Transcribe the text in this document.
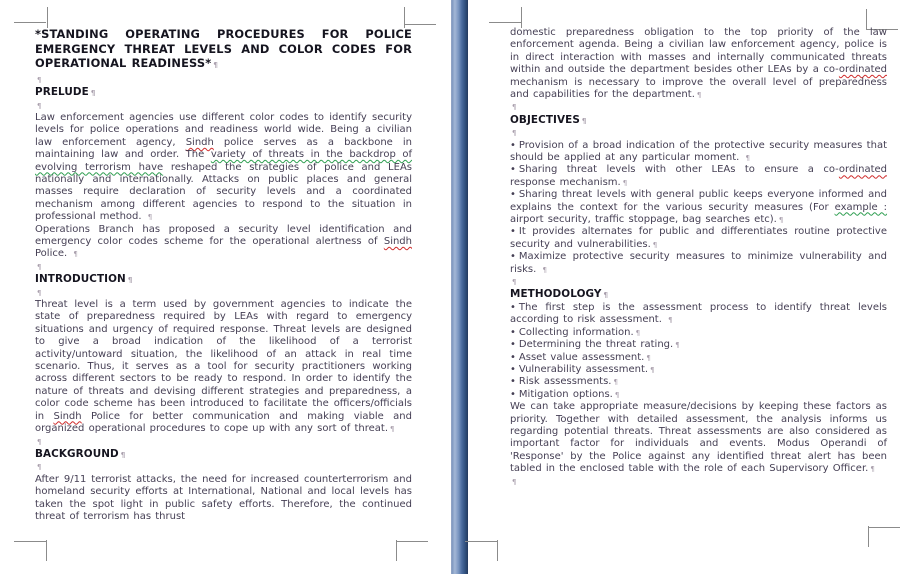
*STANDING OPERATING PROCEDURES FOR POLICE EMERGENCY THREAT LEVELS AND COLOR CODES FOR OPERATIONAL READINESS* ¶
¶
PRELUDE ¶
¶
Law enforcement agencies use different color codes to identify security levels for police operations and readiness world wide. Being a civilian law enforcement agency, Sindh police serves as a backbone in maintaining law and order. The variety of threats in the backdrop of evolving terrorism have reshaped the strategies of police and LEAs nationally and internationally. Attacks on public places and general masses require declaration of security levels and a coordinated mechanism among different agencies to respond to the situation in professional method. ¶
Operations Branch has proposed a security level identification and emergency color codes scheme for the operational alertness of Sindh Police. ¶
¶
INTRODUCTION ¶
¶
Threat level is a term used by government agencies to indicate the state of preparedness required by LEAs with regard to emergency situations and urgency of required response. Threat levels are designed to give a broad indication of the likelihood of a terrorist activity/untoward situation, the likelihood of an attack in real time scenario. Thus, it serves as a tool for security practitioners working across different sectors to be ready to respond. In order to identify the nature of threats and devising different strategies and preparedness, a color code scheme has been introduced to facilitate the officers/officials in Sindh Police for better communication and making viable and organized operational procedures to cope up with any sort of threat. ¶
¶
BACKGROUND ¶
¶
After 9/11 terrorist attacks, the need for increased counterterrorism and homeland security efforts at International, National and local levels has taken the spot light in public safety efforts. Therefore, the continued threat of terrorism has thrust
domestic preparedness obligation to the top priority of the law enforcement agenda. Being a civilian law enforcement agency, police is in direct interaction with masses and internally communicated threats within and outside the department besides other LEAs by a co-ordinated mechanism is necessary to improve the overall level of preparedness and capabilities for the department. ¶
¶
OBJECTIVES ¶
¶
• Provision of a broad indication of the protective security measures that should be applied at any particular moment. ¶
• Sharing threat levels with other LEAs to ensure a co-ordinated response mechanism. ¶
• Sharing threat levels with general public keeps everyone informed and explains the context for the various security measures (For example : airport security, traffic stoppage, bag searches etc). ¶
• It provides alternates for public and differentiates routine protective security and vulnerabilities. ¶
• Maximize protective security measures to minimize vulnerability and risks. ¶
¶
METHODOLOGY ¶
• The first step is the assessment process to identify threat levels according to risk assessment. ¶
• Collecting information. ¶
• Determining the threat rating. ¶
• Asset value assessment. ¶
• Vulnerability assessment. ¶
• Risk assessments. ¶
• Mitigation options. ¶
We can take appropriate measure/decisions by keeping these factors as priority. Together with detailed assessment, the analysis informs us regarding potential threats. Threat assessments are also considered as important factor for individuals and events. Modus Operandi of 'Response' by the Police against any identified threat alert has been tabled in the enclosed table with the role of each Supervisory Officer. ¶
¶
